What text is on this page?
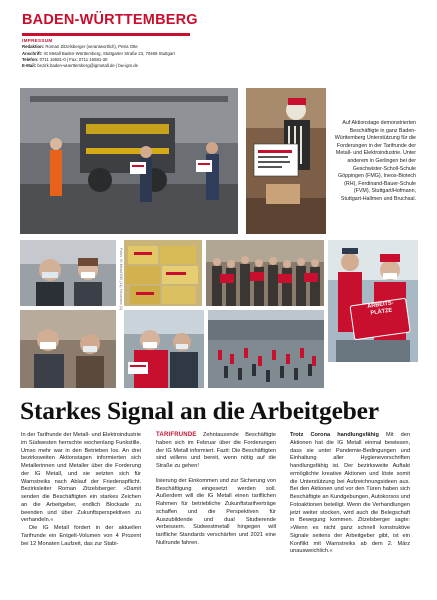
BADEN-WÜRTTEMBERG
IMPRESSUM
Redaktion: Roman Zitzelsberger (verantwortlich), Petra Otte
Anschrift: IG Metall Baden-Württemberg, Stuttgarter Straße 23, 70469 Stuttgart
Telefon: 0711 16581-0 | Fax: 0711 16581-30
E-Mail: bezirk.baden-wuerttemberg@igmetall.de | bw-igm.de
Auf Aktionstage demonstrierten Beschäftigte in ganz Baden-Württemberg Unterstützung für die Forderungen in der Tarifrunde der Metall- und Elektroindustrie. Unter anderem in Gerlingen bei der Geschwister-Scholl-Schule Göppingen (FMG), Ineos-Biotech (RH), Ferdinand-Bauer-Schule (FVM), Stuttgart/Hofmann, Stuttgart-Hallmen und Bruchsal.
ARBEITS-PLÄTZE
Fotos: IG Metall BW (11), Neumann (1)
Starkes Signal an die Arbeitgeber

In der Tarifrunde der Metall- und Elektroindustrie im Südwesten herrschte wochenlang Funkstille. Umso mehr war in den Betrieben los. An drei bezirksweiten Aktionstagen informierten sich Metallerinnen und Metaller über die Forderung der IG Metall, und sie setzten sich für Warnstreiks nach Ablauf der Friedenspflicht. Bezirksleiter Roman Zitzelsberger: »Damit senden die Beschäftigten ein starkes Zeichen an die Arbeitgeber, endlich Blockade zu beenden und über Zukunftsperspektiven zu verhandeln.«

Die IG Metall fordert in der aktuellen Tarifrunde ein Entgelt-Volumen von 4 Prozent bei 12 Monaten Laufzeit, das zur Stabi-

TARIFRUNDE Zehntausende Beschäftigte haben sich im Februar über die Forderungen der IG Metall informiert. Fazit: Die Beschäftigten sind willens und bereit, wenn nötig auf die Straße zu gehen!

lisierung der Einkommen und zur Sicherung von Beschäftigung eingesetzt werden soll. Außerdem will die IG Metall einen tariflichen Rahmen für betriebliche Zukunftstarifverträge schaffen und die Perspektiven für Auszubildende und dual Studierende verbessern. Südwestmetall hingegen will tarifliche Standards verschärfen und 2021 eine Nullrunde fahren.

Trotz Corona handlungsfähig Mit den Aktionen hat die IG Metall einmal bewiesen, dass sie unter Pandemie-Bedingungen und Einhaltung aller Hygienevorschriften handlungsfähig ist. Der bezirksweite Auftakt ermöglichte kreative Aktionen und löste somit die Unterstützung bei Aufzeichnungsideen aus. Bei den Aktionen und vor den Türen haben sich Beschäftigte an Kundgebungen, Autokorsos und Fotoaktionen beteiligt. Wenn die Verhandlungen jetzt weiter stocken, wird auch die Belegschaft in Bewegung kommen. Zitzelsberger sagte: »Wenn es nicht ganz schnell konstruktive Signale seitens der Arbeitgeber gibt, ist ein Konflikt mit Warnstreiks ab dem 2. März unausweichlich.«
